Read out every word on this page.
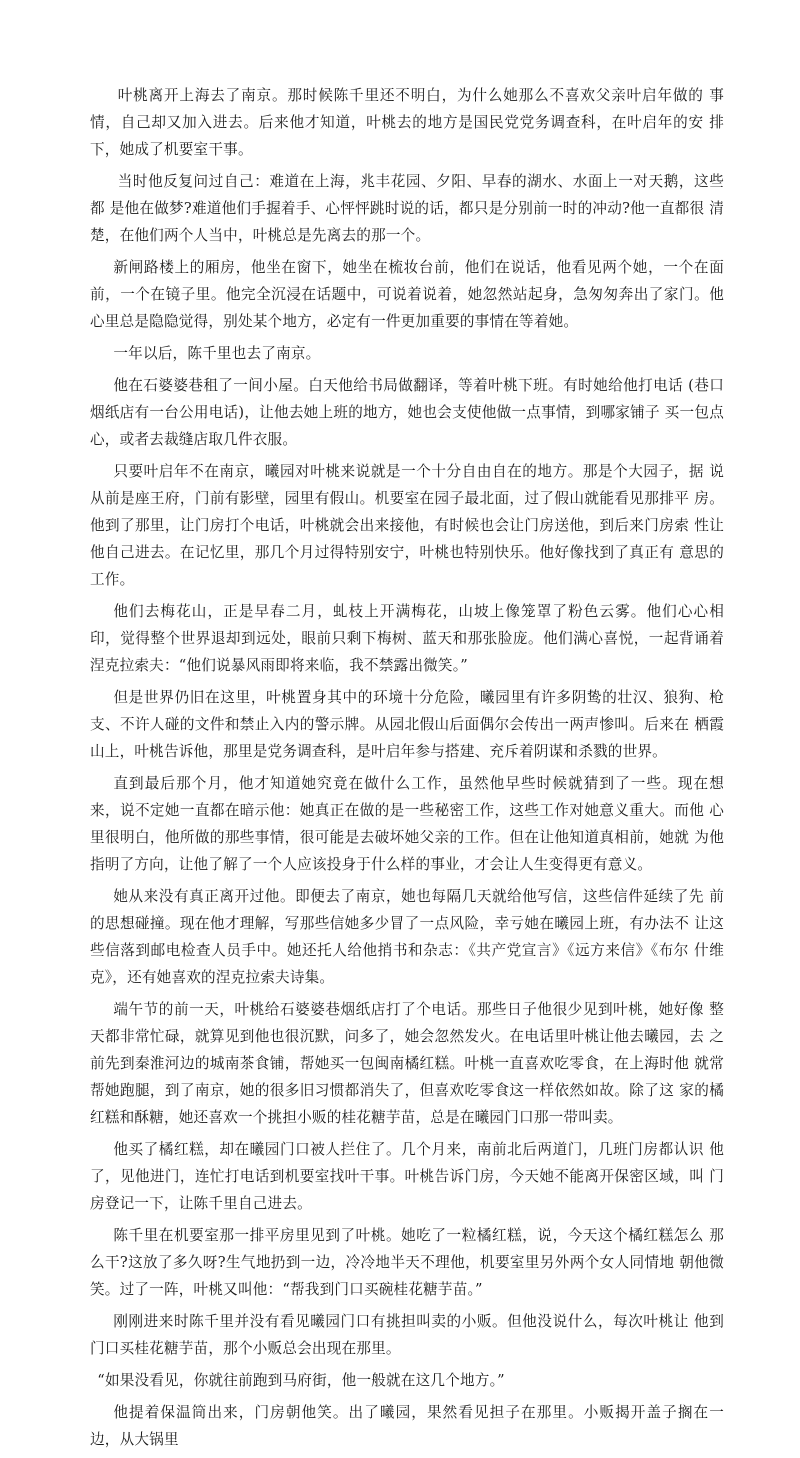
叶桃离开上海去了南京。那时候陈千里还不明白，为什么她那么不喜欢父亲叶启年做的 事情，自己却又加入进去。后来他才知道，叶桃去的地方是国民党党务调查科，在叶启年的安 排下，她成了机要室干事。

当时他反复问过自己：难道在上海，兆丰花园、夕阳、早春的湖水、水面上一对天鹅，这些都 是他在做梦?难道他们手握着手、心怦怦跳时说的话，都只是分别前一时的冲动?他一直都很 清楚，在他们两个人当中，叶桃总是先离去的那一个。

新闸路楼上的厢房，他坐在窗下，她坐在梳妆台前，他们在说话，他看见两个她，一个在面 前，一个在镜子里。他完全沉浸在话题中，可说着说着，她忽然站起身，急匆匆奔出了家门。他 心里总是隐隐觉得，别处某个地方，必定有一件更加重要的事情在等着她。

一年以后，陈千里也去了南京。

他在石婆婆巷租了一间小屋。白天他给书局做翻译，等着叶桃下班。有时她给他打电话 (巷口烟纸店有一台公用电话)，让他去她上班的地方，她也会支使他做一点事情，到哪家铺子 买一包点心，或者去裁缝店取几件衣服。

只要叶启年不在南京，曦园对叶桃来说就是一个十分自由自在的地方。那是个大园子，据 说从前是座王府，门前有影壁，园里有假山。机要室在园子最北面，过了假山就能看见那排平 房。他到了那里，让门房打个电话，叶桃就会出来接他，有时候也会让门房送他，到后来门房索 性让他自己进去。在记忆里，那几个月过得特别安宁，叶桃也特别快乐。他好像找到了真正有 意思的工作。

他们去梅花山，正是早春二月，虬枝上开满梅花，山坡上像笼罩了粉色云雾。他们心心相 印，觉得整个世界退却到远处，眼前只剩下梅树、蓝天和那张脸庞。他们满心喜悦，一起背诵着 涅克拉索夫：“他们说暴风雨即将来临，我不禁露出微笑。”

但是世界仍旧在这里，叶桃置身其中的环境十分危险，曦园里有许多阴鸷的壮汉、狼狗、枪 支、不许人碰的文件和禁止入内的警示牌。从园北假山后面偶尔会传出一两声惨叫。后来在 栖霞山上，叶桃告诉他，那里是党务调查科，是叶启年参与搭建、充斥着阴谋和杀戮的世界。

直到最后那个月，他才知道她究竟在做什么工作，虽然他早些时候就猜到了一些。现在想 来，说不定她一直都在暗示他：她真正在做的是一些秘密工作，这些工作对她意义重大。而他 心里很明白，他所做的那些事情，很可能是去破坏她父亲的工作。但在让他知道真相前，她就 为他指明了方向，让他了解了一个人应该投身于什么样的事业，才会让人生变得更有意义。

她从来没有真正离开过他。即便去了南京，她也每隔几天就给他写信，这些信件延续了先 前的思想碰撞。现在他才理解，写那些信她多少冒了一点风险，幸亏她在曦园上班，有办法不 让这些信落到邮电检查人员手中。她还托人给他捎书和杂志：《共产党宣言》《远方来信》《布尔 什维克》，还有她喜欢的涅克拉索夫诗集。

端午节的前一天，叶桃给石婆婆巷烟纸店打了个电话。那些日子他很少见到叶桃，她好像 整天都非常忙碌，就算见到他也很沉默，问多了，她会忽然发火。在电话里叶桃让他去曦园，去 之前先到秦淮河边的城南茶食铺，帮她买一包闽南橘红糕。叶桃一直喜欢吃零食，在上海时他 就常帮她跑腿，到了南京，她的很多旧习惯都消失了，但喜欢吃零食这一样依然如故。除了这 家的橘红糕和酥糖，她还喜欢一个挑担小贩的桂花糖芋苗，总是在曦园门口那一带叫卖。

他买了橘红糕，却在曦园门口被人拦住了。几个月来，南前北后两道门，几班门房都认识 他了，见他进门，连忙打电话到机要室找叶干事。叶桃告诉门房，今天她不能离开保密区域，叫 门房登记一下，让陈千里自己进去。

陈千里在机要室那一排平房里见到了叶桃。她吃了一粒橘红糕，说，今天这个橘红糕怎么 那么干?这放了多久呀?生气地扔到一边，冷冷地半天不理他，机要室里另外两个女人同情地 朝他微笑。过了一阵，叶桃又叫他：“帮我到门口买碗桂花糖芋苗。”

刚刚进来时陈千里并没有看见曦园门口有挑担叫卖的小贩。但他没说什么，每次叶桃让 他到门口买桂花糖芋苗，那个小贩总会出现在那里。

“如果没看见，你就往前跑到马府街，他一般就在这几个地方。”

他提着保温筒出来，门房朝他笑。出了曦园，果然看见担子在那里。小贩揭开盖子搁在一 边，从大锅里
